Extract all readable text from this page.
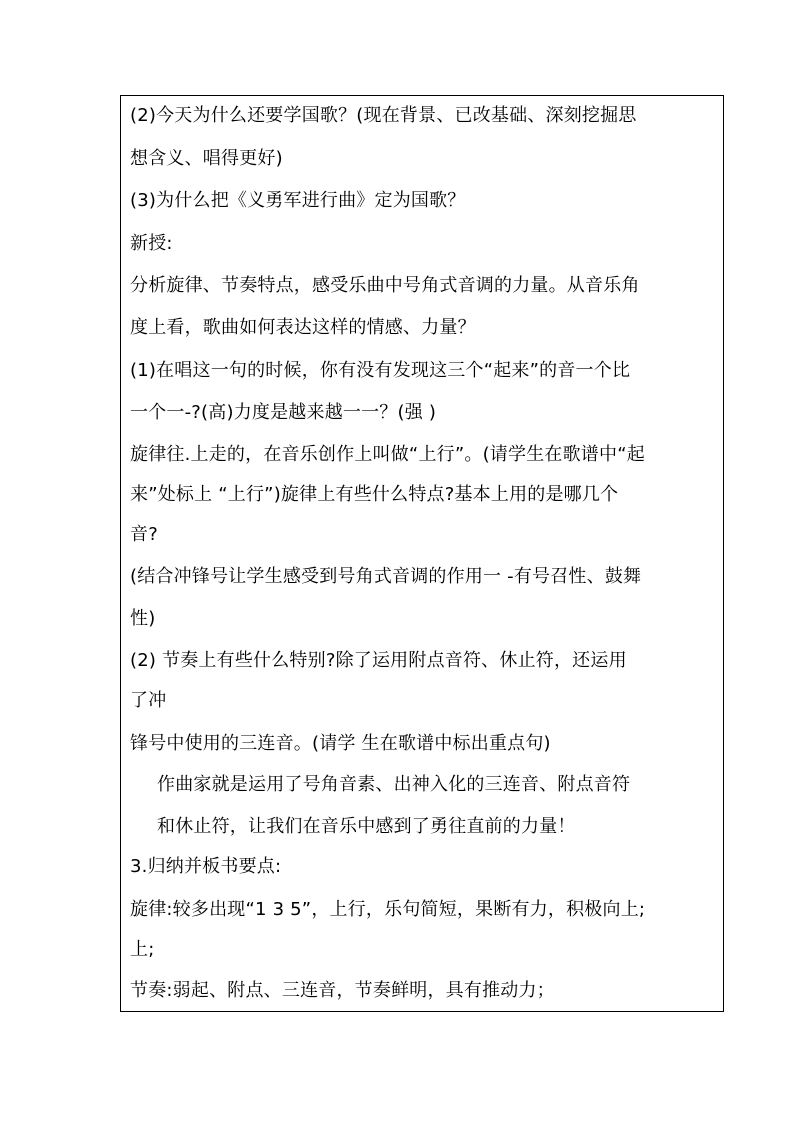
(2)今天为什么还要学国歌？(现在背景、已改基础、深刻挖掘思
想含义、唱得更好)
(3)为什么把《义勇军进行曲》定为国歌？
新授:
分析旋律、节奏特点，感受乐曲中号角式音调的力量。从音乐角
度上看，歌曲如何表达这样的情感、力量？
(1)在唱这一句的时候，你有没有发现这三个“起来”的音一个比
一个一-?(高)力度是越来越一一？(强 )
旋律往.上走的，在音乐创作上叫做“上行”。(请学生在歌谱中“起
来”处标上 “上行”)旋律上有些什么特点?基本上用的是哪几个
音?
(结合冲锋号让学生感受到号角式音调的作用一 -有号召性、鼓舞
性)
(2) 节奏上有些什么特别?除了运用附点音符、休止符，还运用
了冲
锋号中使用的三连音。(请学 生在歌谱中标出重点句)
作曲家就是运用了号角音素、出神入化的三连音、附点音符
和休止符，让我们在音乐中感到了勇往直前的力量！
3.归纳并板书要点:
旋律:较多出现“1 3 5”，上行，乐句简短，果断有力，积极向上;
上;
节奏:弱起、附点、三连音，节奏鲜明，具有推动力；
